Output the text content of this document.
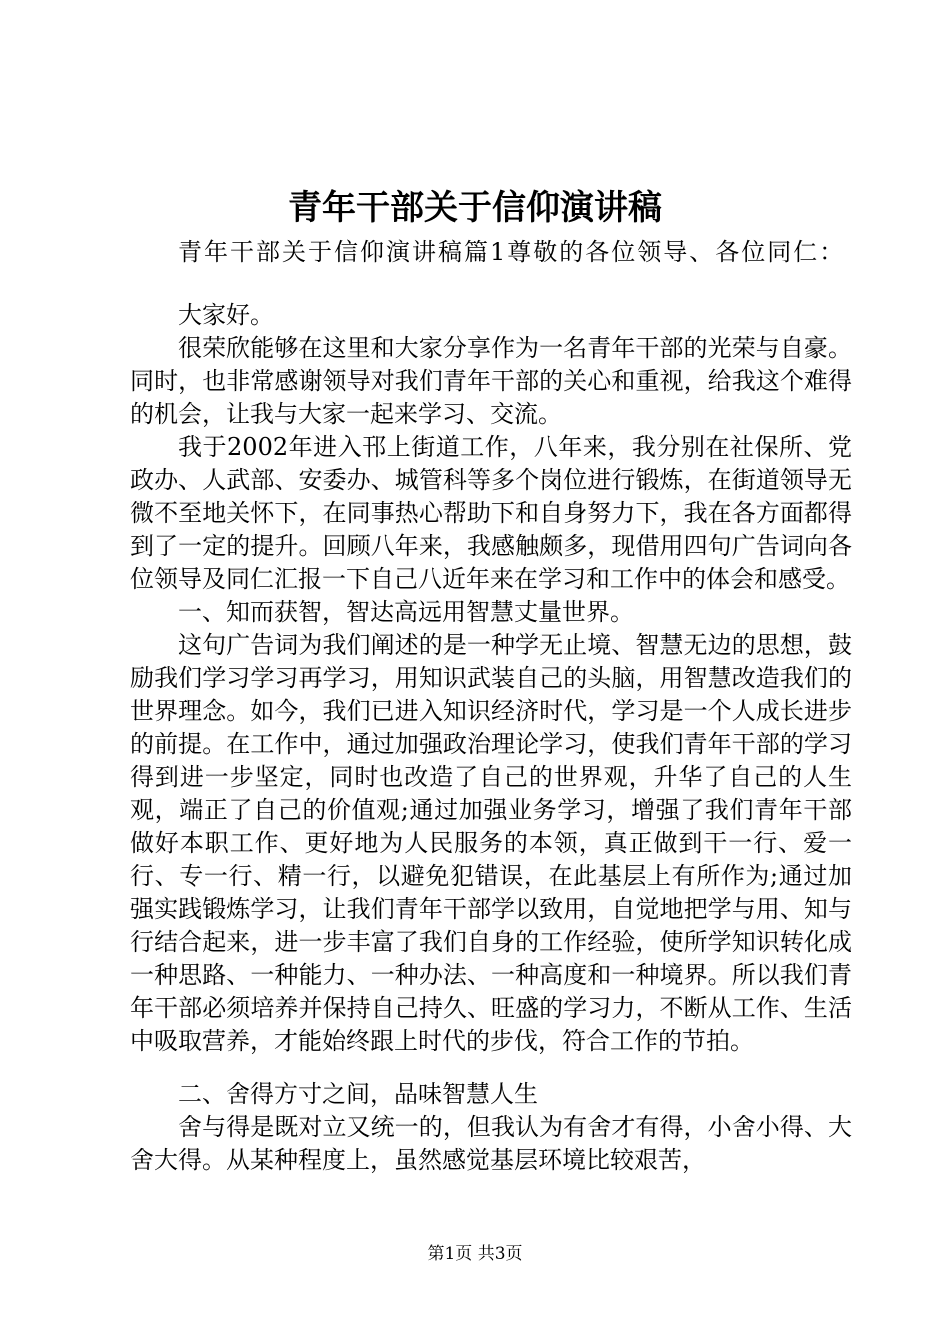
青年干部关于信仰演讲稿

青年干部关于信仰演讲稿篇1尊敬的各位领导、各位同仁：

大家好。

很荣欣能够在这里和大家分享作为一名青年干部的光荣与自豪。同时，也非常感谢领导对我们青年干部的关心和重视，给我这个难得的机会，让我与大家一起来学习、交流。

我于2002年进入邗上街道工作，八年来，我分别在社保所、党政办、人武部、安委办、城管科等多个岗位进行锻炼，在街道领导无微不至地关怀下，在同事热心帮助下和自身努力下，我在各方面都得到了一定的提升。回顾八年来，我感触颇多，现借用四句广告词向各位领导及同仁汇报一下自己八近年来在学习和工作中的体会和感受。

一、知而获智，智达高远用智慧丈量世界。

这句广告词为我们阐述的是一种学无止境、智慧无边的思想，鼓励我们学习学习再学习，用知识武装自己的头脑，用智慧改造我们的世界理念。如今，我们已进入知识经济时代，学习是一个人成长进步的前提。在工作中，通过加强政治理论学习，使我们青年干部的学习得到进一步坚定，同时也改造了自己的世界观，升华了自己的人生观，端正了自己的价值观;通过加强业务学习，增强了我们青年干部做好本职工作、更好地为人民服务的本领，真正做到干一行、爱一行、专一行、精一行，以避免犯错误，在此基层上有所作为;通过加强实践锻炼学习，让我们青年干部学以致用，自觉地把学与用、知与行结合起来，进一步丰富了我们自身的工作经验，使所学知识转化成一种思路、一种能力、一种办法、一种高度和一种境界。所以我们青年干部必须培养并保持自己持久、旺盛的学习力，不断从工作、生活中吸取营养，才能始终跟上时代的步伐，符合工作的节拍。

二、舍得方寸之间，品味智慧人生

舍与得是既对立又统一的，但我认为有舍才有得，小舍小得、大舍大得。从某种程度上，虽然感觉基层环境比较艰苦，

第1页 共3页
